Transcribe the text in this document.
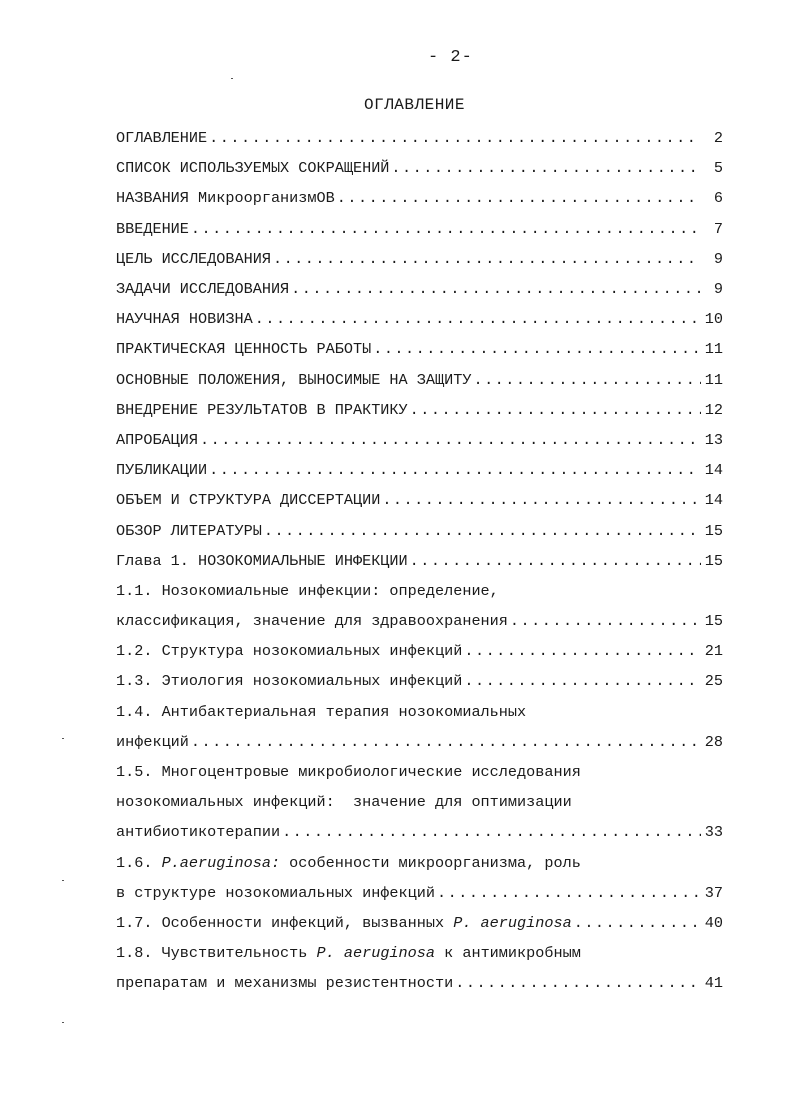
- 2-
ОГЛАВЛЕНИЕ
ОГЛАВЛЕНИЕ .....	2
СПИСОК ИСПОЛЬЗУЕМЫХ СОКРАЩЕНИЙ .....	5
НАЗВАНИЯ МикроорганизмОВ .....	6
ВВЕДЕНИЕ .....	7
ЦЕЛЬ ИССЛЕДОВАНИЯ .....	9
ЗАДАЧИ ИССЛЕДОВАНИЯ .....	9
НАУЧНАЯ НОВИЗНА .....	10
ПРАКТИЧЕСКАЯ ЦЕННОСТЬ РАБОТЫ .....	11
ОСНОВНЫЕ ПОЛОЖЕНИЯ, ВЫНОСИМЫЕ НА ЗАЩИТУ .....	11
ВНЕДРЕНИЕ РЕЗУЛЬТАТОВ В ПРАКТИКУ .....	12
АПРОБАЦИЯ .....	13
ПУБЛИКАЦИИ .....	14
ОБЪЕМ И СТРУКТУРА ДИССЕРТАЦИИ .....	14
ОБЗОР ЛИТЕРАТУРЫ .....	15
Глава 1. НОЗОКОМИАЛЬНЫЕ ИНФЕКЦИИ .....	15
1.1. Нозокомиальные инфекции: определение,
классификация, значение для здравоохранения .....	15
1.2. Структура нозокомиальных инфекций .....	21
1.3. Этиология нозокомиальных инфекций .....	25
1.4. Антибактериальная терапия нозокомиальных
инфекций .....	28
1.5. Многоцентровые микробиологические исследования
нозокомиальных инфекций:  значение для оптимизации
антибиотикотерапии .....	33
1.6. P.aeruginosa: особенности микроорганизма, роль
в структуре нозокомиальных инфекций .....	37
1.7. Особенности инфекций, вызванных P. aeruginosa .....	40
1.8. Чувствительность P. aeruginosa к антимикробным
препаратам и механизмы резистентности .....	41
